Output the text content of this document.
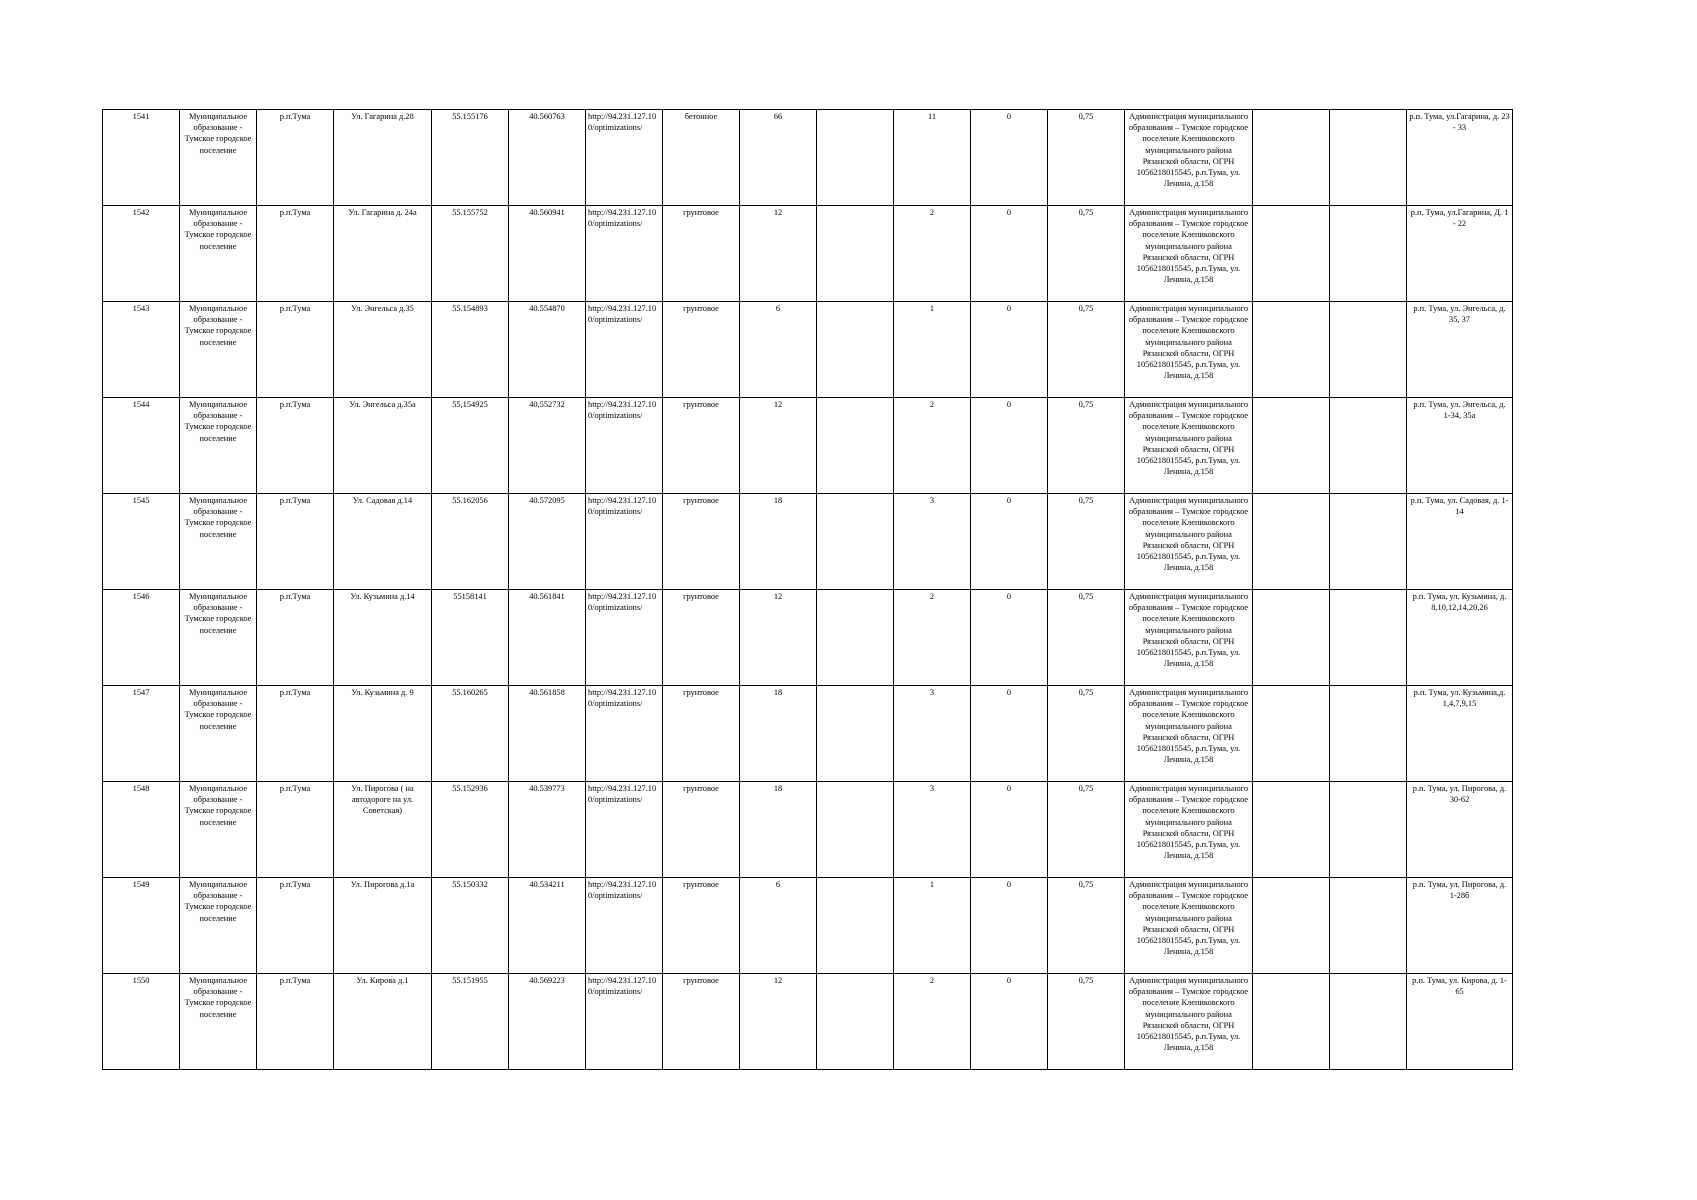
1541	Муниципальное образование - Тумское городское поселение	р.п.Тума	Ул. Гагарина д.28	55.155176	40.560763	http://94.231.127.100/optimizations/	бетонное	66		11	0	0,75	Администрация муниципального образования – Тумское городское поселение Клепиковского муниципального района Рязанской области, ОГРН 1056218015545, р.п.Тума, ул. Ленина, д.158			р.п. Тума, ул.Гагарина, д. 23 - 33
1542	Муниципальное образование - Тумское городское поселение	р.п.Тума	Ул. Гагарина д. 24а	55.155752	40.560941	http://94.231.127.100/optimizations/	грунтовое	12		2	0	0,75	Администрация муниципального образования – Тумское городское поселение Клепиковского муниципального района Рязанской области, ОГРН 1056218015545, р.п.Тума, ул. Ленина, д.158			р.п. Тума, ул.Гагарина, Д. 1 - 22
1543	Муниципальное образование - Тумское городское поселение	р.п.Тума	Ул. Энгельса д.35	55.154893	40.554870	http://94.231.127.100/optimizations/	грунтовое	6		1	0	0,75	Администрация муниципального образования – Тумское городское поселение Клепиковского муниципального района Рязанской области, ОГРН 1056218015545, р.п.Тума, ул. Ленина, д.158			р.п. Тума, ул. Энгельса, д. 35, 37
1544	Муниципальное образование - Тумское городское поселение	р.п.Тума	Ул. Энгельса д.35а	55,154925	40,552732	http://94.231.127.100/optimizations/	грунтовое	12		2	0	0,75	Администрация муниципального образования – Тумское городское поселение Клепиковского муниципального района Рязанской области, ОГРН 1056218015545, р.п.Тума, ул. Ленина, д.158			р.п. Тума, ул. Энгельса, д. 1-34, 35а
1545	Муниципальное образование - Тумское городское поселение	р.п.Тума	Ул. Садовая д.14	55.162056	40.572095	http://94.231.127.100/optimizations/	грунтовое	18		3	0	0,75	Администрация муниципального образования – Тумское городское поселение Клепиковского муниципального района Рязанской области, ОГРН 1056218015545, р.п.Тума, ул. Ленина, д.158			р.п. Тума, ул. Садовая, д. 1-14
1546	Муниципальное образование - Тумское городское поселение	р.п.Тума	Ул. Кузьмина д.14	55158141	40.561841	http://94.231.127.100/optimizations/	грунтовое	12		2	0	0,75	Администрация муниципального образования – Тумское городское поселение Клепиковского муниципального района Рязанской области, ОГРН 1056218015545, р.п.Тума, ул. Ленина, д.158			р.п. Тума, ул. Кузьмина, д. 8,10,12,14,20,26
1547	Муниципальное образование - Тумское городское поселение	р.п.Тума	Ул. Кузьмина д. 9	55.160265	40.561858	http://94.231.127.100/optimizations/	грунтовое	18		3	0	0,75	Администрация муниципального образования – Тумское городское поселение Клепиковского муниципального района Рязанской области, ОГРН 1056218015545, р.п.Тума, ул. Ленина, д.158			р.п. Тума, ул. Кузьмина,д. 1,4,7,9,15
1548	Муниципальное образование - Тумское городское поселение	р.п.Тума	Ул. Пирогова ( на автодороге на ул. Советская)	55.152936	40.539773	http://94.231.127.100/optimizations/	грунтовое	18		3	0	0,75	Администрация муниципального образования – Тумское городское поселение Клепиковского муниципального района Рязанской области, ОГРН 1056218015545, р.п.Тума, ул. Ленина, д.158			р.п. Тума, ул. Пирогова, д. 30-62
1549	Муниципальное образование - Тумское городское поселение	р.п.Тума	Ул. Пирогова д.1а	55.150332	40.534211	http://94.231.127.100/optimizations/	грунтовое	6		1	0	0,75	Администрация муниципального образования – Тумское городское поселение Клепиковского муниципального района Рязанской области, ОГРН 1056218015545, р.п.Тума, ул. Ленина, д.158			р.п. Тума, ул. Пирогова, д. 1-28б
1550	Муниципальное образование - Тумское городское поселение	р.п.Тума	Ул. Кирова д.1	55.151955	40.569223	http://94.231.127.100/optimizations/	грунтовое	12		2	0	0,75	Администрация муниципального образования – Тумское городское поселение Клепиковского муниципального района Рязанской области, ОГРН 1056218015545, р.п.Тума, ул. Ленина, д.158			р.п. Тума, ул. Кирова, д. 1-65
